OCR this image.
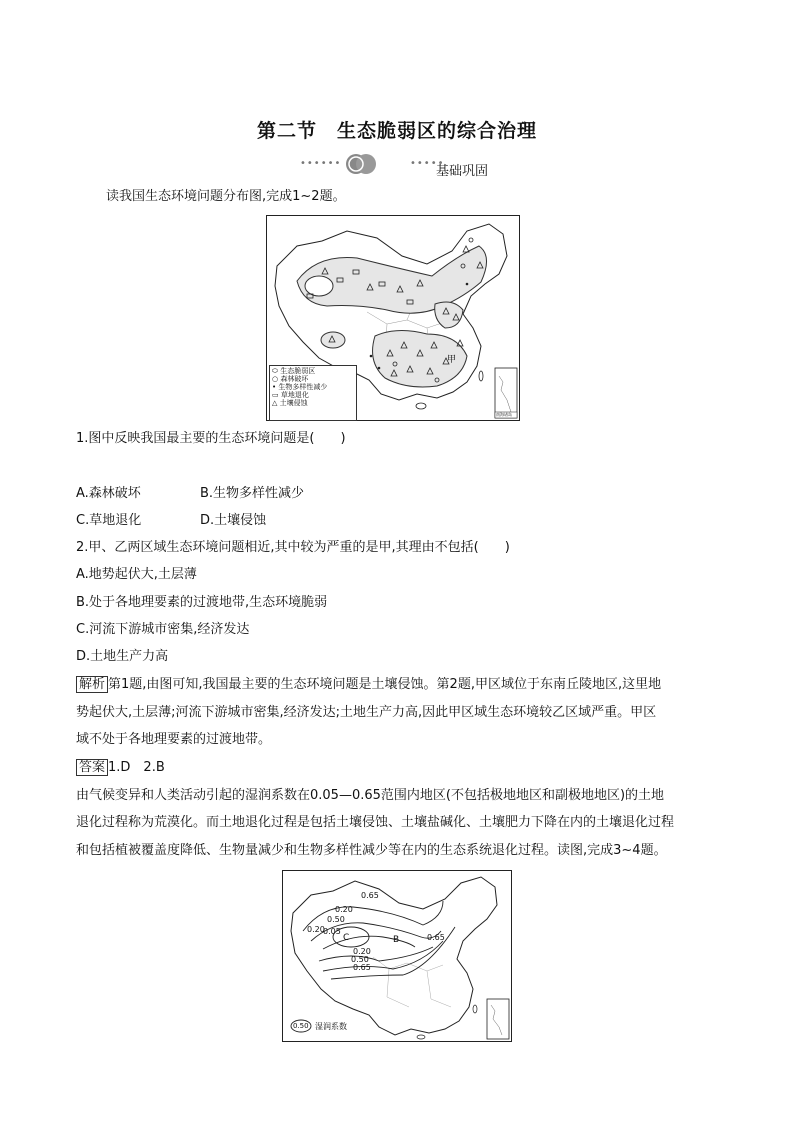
第二节　生态脆弱区的综合治理
••••••	•••••
基础巩固
读我国生态环境问题分布图,完成1~2题。
甲
⬭ 生态脆弱区
○ 森林破坏
• 生物多样性减少
▭ 草地退化
△ 土壤侵蚀
南海诸岛
1.图中反映我国最主要的生态环境问题是(　　)
A.森林破坏	B.生物多样性减少
C.草地退化	D.土壤侵蚀
2.甲、乙两区域生态环境问题相近,其中较为严重的是甲,其理由不包括(　　)
A.地势起伏大,土层薄
B.处于各地理要素的过渡地带,生态环境脆弱
C.河流下游城市密集,经济发达
D.土地生产力高
解析 第1题,由图可知,我国最主要的生态环境问题是土壤侵蚀。第2题,甲区域位于东南丘陵地区,这里地
势起伏大,土层薄;河流下游城市密集,经济发达;土地生产力高,因此甲区域生态环境较乙区域严重。甲区
域不处于各地理要素的过渡地带。
答案 1.D　2.B
由气候变异和人类活动引起的湿润系数在0.05—0.65范围内地区(不包括极地地区和副极地地区)的土地
退化过程称为荒漠化。而土地退化过程是包括土壤侵蚀、土壤盐碱化、土壤肥力下降在内的土壤退化过程
和包括植被覆盖度降低、生物量减少和生物多样性减少等在内的生态系统退化过程。读图,完成3~4题。
0.65
0.20
0.50
0.05
0.20
C	B	0.65
0.20
0.50
0.65
0.50 湿润系数
